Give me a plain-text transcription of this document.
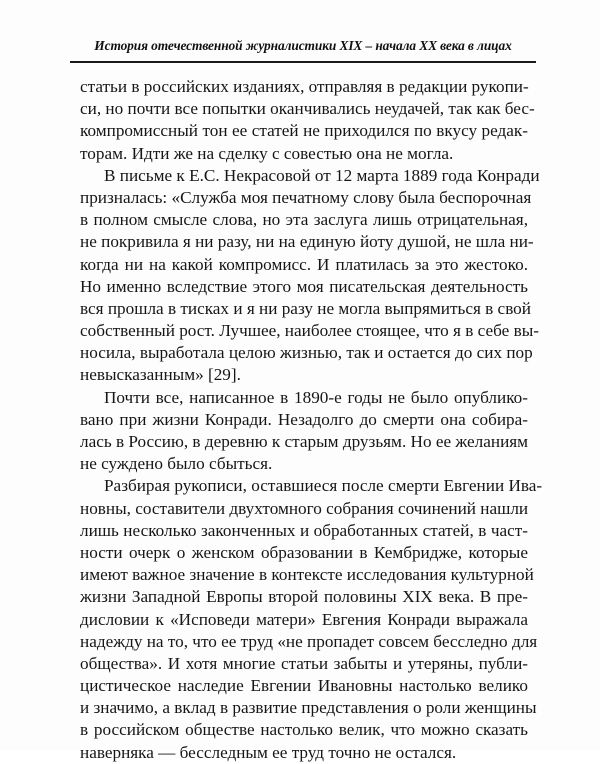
История отечественной журналистики XIX – начала XX века в лицах

статьи в российских изданиях, отправляя в редакции рукопи-
си, но почти все попытки оканчивались неудачей, так как бес-
компромиссный тон ее статей не приходился по вкусу редак-
торам. Идти же на сделку с совестью она не могла.

В письме к Е.С. Некрасовой от 12 марта 1889 года Конради
призналась: «Служба моя печатному слову была беспорочная
в полном смысле слова, но эта заслуга лишь отрицательная,
не покривила я ни разу, ни на единую йоту душой, не шла ни-
когда ни на какой компромисс. И платилась за это жестоко.
Но именно вследствие этого моя писательская деятельность
вся прошла в тисках и я ни разу не могла выпрямиться в свой
собственный рост. Лучшее, наиболее стоящее, что я в себе вы-
носила, выработала целою жизнью, так и остается до сих пор
невысказанным» [29].

Почти все, написанное в 1890-е годы не было опублико-
вано при жизни Конради. Незадолго до смерти она собира-
лась в Россию, в деревню к старым друзьям. Но ее желаниям
не суждено было сбыться.

Разбирая рукописи, оставшиеся после смерти Евгении Ива-
новны, составители двухтомного собрания сочинений нашли
лишь несколько законченных и обработанных статей, в част-
ности очерк о женском образовании в Кембридже, которые
имеют важное значение в контексте исследования культурной
жизни Западной Европы второй половины XIX века. В пре-
дисловии к «Исповеди матери» Евгения Конради выражала
надежду на то, что ее труд «не пропадет совсем бесследно для
общества». И хотя многие статьи забыты и утеряны, публи-
цистическое наследие Евгении Ивановны настолько велико
и значимо, а вклад в развитие представления о роли женщины
в российском обществе настолько велик, что можно сказать
наверняка — бесследным ее труд точно не остался.
